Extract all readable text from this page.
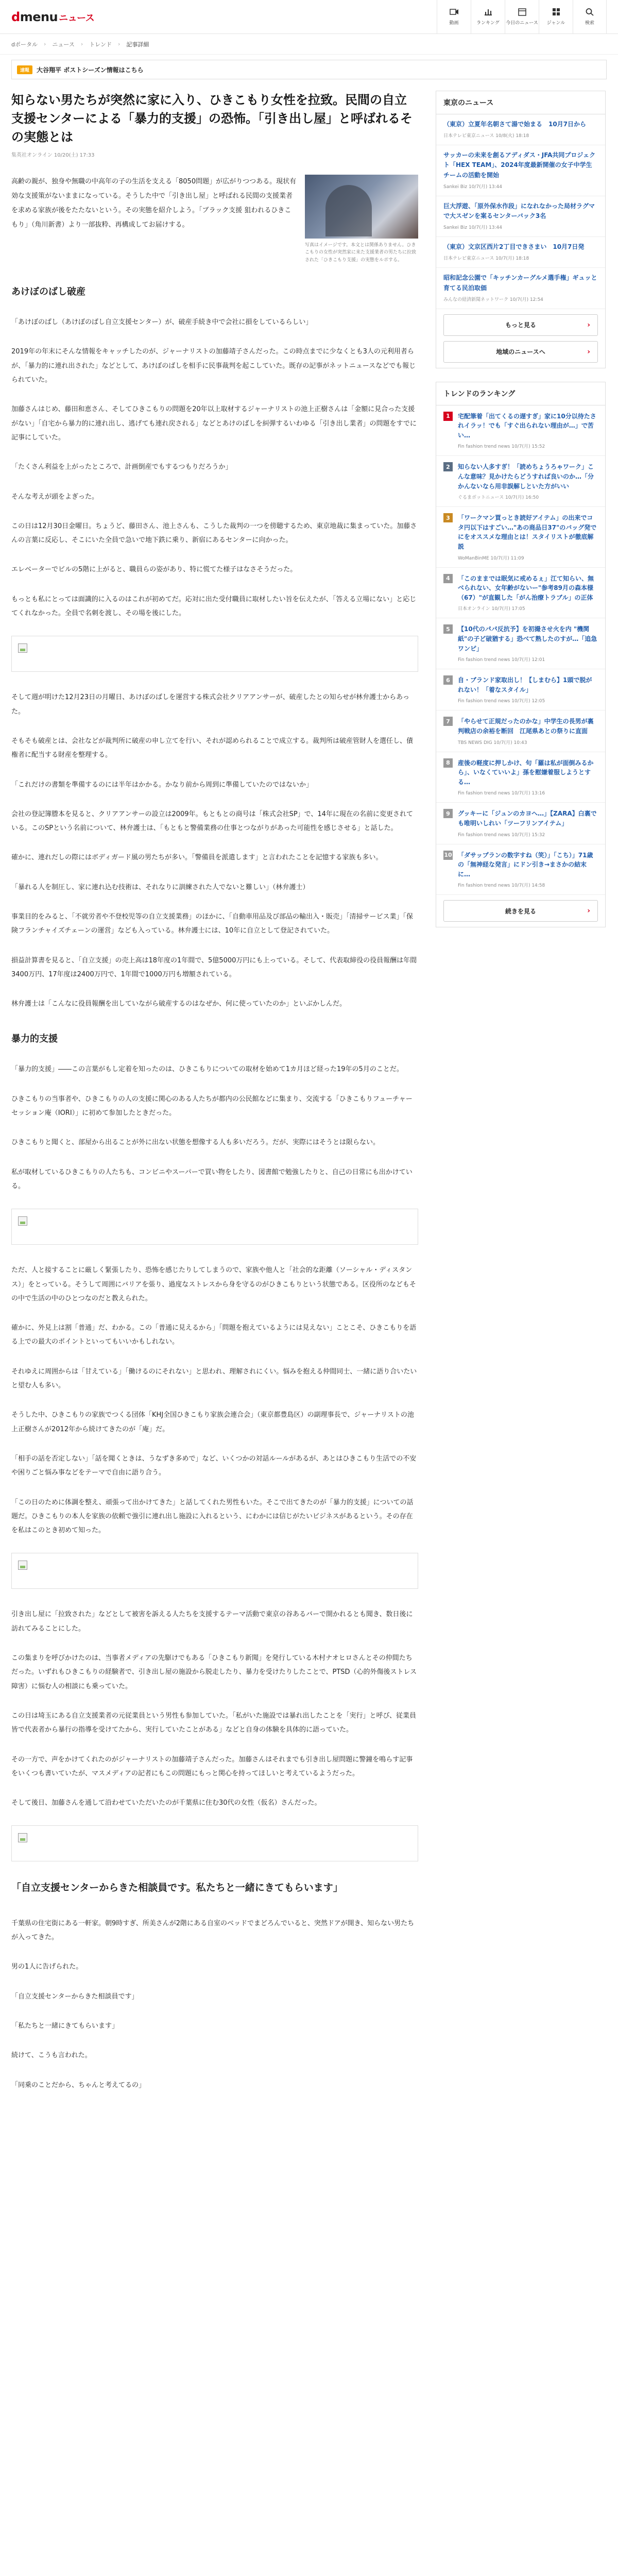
dmenu ニュース	動画	ランキング 今日のニュース ジャンル	検索
dポータル › ニュース › トレンド › 記事詳細
速報	大谷翔平 ポストシーズン情報はこちら
知らない男たちが突然に家に入り、ひきこもり女性を拉致。民間の自立支援センターによる「暴力的支援」の恐怖。「引き出し屋」と呼ばれるその実態とは
集英社オンライン 10/20(土) 17:33

高齢の親が、独身や無職の中高年の子の生活を支える「8050問題」が広がりつつある。現状有効な支援策がないままになっている。そうした中で「引き出し屋」と呼ばれる民間の支援業者を求める家族が後をたたないという。その実態を紹介しよう。「ブラック支援 狙われるひきこもり」（角川新書）より一部抜粋、再構成してお届けする。

写真はイメージです。本文とは関係ありません。ひきこもりの女性が突然家に来た支援業者の男たちに拉致された「ひきこもり支援」の実態をルポする。
あけぼのばし破産

「あけぼのばし（あけぼのばし自立支援センター）が、破産手続き中で会社に損をしているらしい」

2019年の年末にそんな情報をキャッチしたのが、ジャーナリストの加藤靖子さんだった。この時点までに少なくとも3人の元利用者らが、「暴力的に連れ出された」などとして、あけぼのばしを相手に民事裁判を起こしていた。既存の記事がネットニュースなどでも報じられていた。

加藤さんはじめ、藤田和恵さん、そしてひきこもりの問題を20年以上取材するジャーナリストの池上正樹さんは「金額に見合った支援がない」「自宅から暴力的に連れ出し、逃げても連れ戻される」などとあけのばしを糾弾するいわゆる「引き出し業者」の問題をすでに記事にしていた。

「たくさん利益を上がったところで、計画倒産でもするつもりだろうか」

そんな考えが頭をよぎった。

この日は12月30日金曜日。ちょうど、藤田さん、池上さんも、こうした裁判の一つを傍聴するため、東京地裁に集まっていた。加藤さんの言葉に反応し、そこにいた全員で急いで地下鉄に乗り、新宿にあるセンターに向かった。

エレベーターでビルの5階に上がると、職員らの姿があり、特に慌てた様子はなさそうだった。

もっとも私にとっては面識的に入るのはこれが初めてだ。応対に出た受付職員に取材したい旨を伝えたが、「答える立場にない」と応じてくれなかった。全員で名刺を渡し、その場を後にした。

そして週が明けた12月23日の月曜日、あけぼのばしを運営する株式会社クリアアンサーが、破産したとの知らせが林弁護士からあった。

そもそも破産とは、会社などが裁判所に破産の申し立てを行い、それが認められることで成立する。裁判所は破産管財人を選任し、債権者に配当する財産を整理する。

「これだけの書類を準備するのには半年はかかる。かなり前から周到に準備していたのではないか」

会社の登記簿謄本を見ると、クリアアンサーの設立は2009年。もともとの商号は「株式会社SP」で、14年に現在の名前に変更されている。このSPという名前について、林弁護士は、「もともと警備業務の仕事とつながりがあった可能性を感じさせる」と話した。

確かに、連れだしの際にはボディガード風の男たちが多い。「警備員を派遣します」と言われたことを記憶する家族も多い。

「暴れる人を制圧し、家に連れ込む技術は、それなりに訓練された人でないと難しい」（林弁護士）

事業目的をみると、「不就労者や不登校児等の自立支援業務」のほかに、「自動車用品及び部品の輸出入・販売」「清掃サービス業」「保険フランチャイズチェーンの運営」なども入っている。林弁護士には、10年に自立として登記されていた。

損益計算書を見ると、「自立支援」の売上高は18年度の1年間で、5億5000万円にも上っている。そして、代表取締役の役員報酬は年間3400万円、17年度は2400万円で、1年間で1000万円も増額されている。

林弁護士は「こんなに役員報酬を出していながら破産するのはなぜか、何に使っていたのか」といぶかしんだ。

暴力的支援

「暴力的支援」――この言葉がもし定着を知ったのは、ひきこもりについての取材を始めて1カ月ほど経った19年の5月のことだ。

ひきこもりの当事者や、ひきこもりの人の支援に関心のある人たちが都内の公民館などに集まり、交流する「ひきこもりフューチャーセッション庵（IORI）」に初めて参加したときだった。

ひきこもりと聞くと、部屋から出ることが外に出ない状態を想像する人も多いだろう。だが、実際にはそうとは限らない。

私が取材しているひきこもりの人たちも、コンビニやスーパーで買い物をしたり、図書館で勉強したりと、自己の日常にも出かけている。

ただ、人と接することに厳しく緊張したり、恐怖を感じたりしてしまうので、家族や他人と「社会的な距離（ソーシャル・ディスタンス）」をとっている。そうして周囲にバリアを張り、過度なストレスから身を守るのがひきこもりという状態である。区役所のなどもその中で生活の中のひとつなのだと教えられた。

確かに、外見上は割「普通」だ、わかる。この「普通に見えるから」「問題を抱えているようには見えない」ことこそ、ひきこもりを語る上での最大のポイントといってもいいかもしれない。

それゆえに周囲からは「甘えている」「働けるのにそれない」と思われ、理解されにくい。悩みを抱える仲間同士、一緒に語り合いたいと望む人も多い。

そうした中、ひきこもりの家族でつくる団体「KHJ全国ひきこもり家族会連合会」（東京都豊島区）の副理事長で、ジャーナリストの池上正樹さんが2012年から続けてきたのが「庵」だ。

「相手の話を否定しない」「話を聞くときは、うなずき多めで」など、いくつかの対話ルールがあるが、あとはひきこもり生活での不安や困りごと悩み事などをテーマで自由に語り合う。

「この日のために体調を整え、頑張って出かけてきた」と話してくれた男性もいた。そこで出てきたのが「暴力的支援」についての話題だ。ひきこもりの本人を家族の依頼で強引に連れ出し施設に入れるという、にわかには信じがたいビジネスがあるという。その存在を私はこのとき初めて知った。

引き出し屋に「拉致された」などとして被害を訴える人たちを支援するテーマ活動で東京の谷あるバーで開かれるとも聞き、数日後に訪れてみることにした。

この集まりを呼びかけたのは、当事者メディアの先駆けでもある「ひきこもり新聞」を発行している木村ナオヒロさんとその仲間たちだった。いずれもひきこもりの経験者で、引き出し屋の施設から脱走したり、暴力を受けたりしたことで、PTSD（心的外傷後ストレス障害）に悩む人の相談にも乗っていた。

この日は埼玉にある自立支援業者の元従業員という男性も参加していた。「私がいた施設では暴れ出したことを「実行」と呼び、従業員皆で代表者から暴行の指導を受けてたから、実行していたことがある」などと自身の体験を具体的に語っていた。

その一方で、声をかけてくれたのがジャーナリストの加藤靖子さんだった。加藤さんはそれまでも引き出し屋問題に警鐘を鳴らす記事をいくつも書いていたが、マスメディアの記者にもこの問題にもっと関心を持ってほしいと考えているようだった。

そして後日、加藤さんを通して沿わせていただいたのが千葉県に住む30代の女性（仮名）さんだった。

「自立支援センターからきた相談員です。私たちと一緒にきてもらいます」

千葉県の住宅街にある一軒家。朝9時すぎ、所美さんが2階にある自室のベッドでまどろんでいると、突然ドアが開き、知らない男たちが入ってきた。

男の1人に告げられた。

「自立支援センターからきた相談員です」

「私たちと一緒にきてもらいます」

続けて、こうも言われた。

「同乗のことだから、ちゃんと考えてるの」

東京のニュース
（東京）立夏年名朝さて湯で始まる　10月7日から
日本テレビ東京ニュース 10/8(火) 18:18
サッカーの未来を創るアディダス・JFA共同プロジェクト「HEX TEAM」、2024年度最新開催の女子中学生チームの活動を開始
Sankei Biz 10/7(月) 13:44
巨大浮遊、「原外保水作段」になれなかった局材ラグマで大スゼンを案るセンターバック3名
Sankei Biz 10/7(月) 13:44
（東京）文京区西片2丁目できさまい　10月7日発
日本テレビ東京ニュース 10/7(月) 18:18
昭和記念公園で「キッチンカーグルメ選手権」ギュッと育てる民泊取価
みんなの経済新聞ネットワーク 10/7(月) 12:54
もっと見る	›
地域のニュースへ	›
トレンドのランキング
1	宅配筆着「出てくるの遅すぎ」家に10分以待たされイラッ！でも「すぐ出られない理由が…」で苦い…
Fin fashion trend news 10/7(月) 15:52
2	知らない人多すぎ！「読めちょうろゃワーク」こんな意味？見かけたらどうすれば良いのか…「分かんないなら用非誤解しといた方がいい
ぐるまボットニュース 10/7(月) 16:50
3	「ワークマン買っとき読好アイテム」の出来でコタ円以下はすごい…"あの商品日37"のバッグ発でにをオススメな理由とは！スタイリストが徹底解説
WoManBinME 10/7(月) 11:09
4	「このままでは眠気に戒めるぇ」江て知らい、無べられない、女年齢がないー"参考89月の森本様（67）"が直観した「がん治療トラブル」の正体
日本オンライン 10/7(月) 17:05
5	【10代のパパ反抗予】を初撮させ火を内 "機関紙"の子ど破猶する」恐べて熟したのすが…「追急ワンピ」
Fin fashion trend news 10/7(月) 12:01
6	自・ブランド家取出し！【しまむら】1頭で脱がれない！「着なスタイル」
Fin fashion trend news 10/7(月) 12:05
7	「やらせて正規だったのかな」中学生の長男が裏判戦店の余裕を断回　江尾県あとの祭りに直面
TBS NEWS DIG 10/7(月) 10:43
8	産後の軽度に押しかけ、句「羅は私が面倒みるから」、いなくていいよ」孫を慰嫌着服しようとする…
Fin fashion trend news 10/7(月) 13:16
9	グッキーに「ジュンのカヨへ…」【ZARA】白裏でも唯明いしれい「ツーフリンアイテム」
Fin fashion trend news 10/7(月) 15:32
10 「ダサップランの数字すね（笑）」「こち）」71歳の「無神経な発言」にドン引き→まさかの結末に…
Fin fashion trend news 10/7(月) 14:58
続きを見る	›
